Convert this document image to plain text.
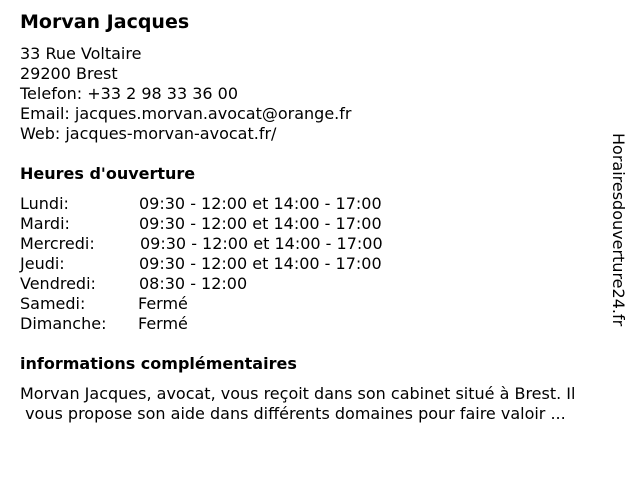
Morvan Jacques
33 Rue Voltaire
29200 Brest
Telefon: +33 2 98 33 36 00
Email: jacques.morvan.avocat@orange.fr
Web: jacques-morvan-avocat.fr/
Heures d'ouverture
Lundi:	09:30 - 12:00 et 14:00 - 17:00
Mardi:	09:30 - 12:00 et 14:00 - 17:00
Mercredi:	09:30 - 12:00 et 14:00 - 17:00
Jeudi:	09:30 - 12:00 et 14:00 - 17:00
Vendredi:	08:30 - 12:00
Samedi:	Fermé
Dimanche: Fermé
informations complémentaires
Morvan Jacques, avocat, vous reçoit dans son cabinet situé à Brest. Il
vous propose son aide dans différents domaines pour faire valoir ...
Horairesdouverture24.fr
